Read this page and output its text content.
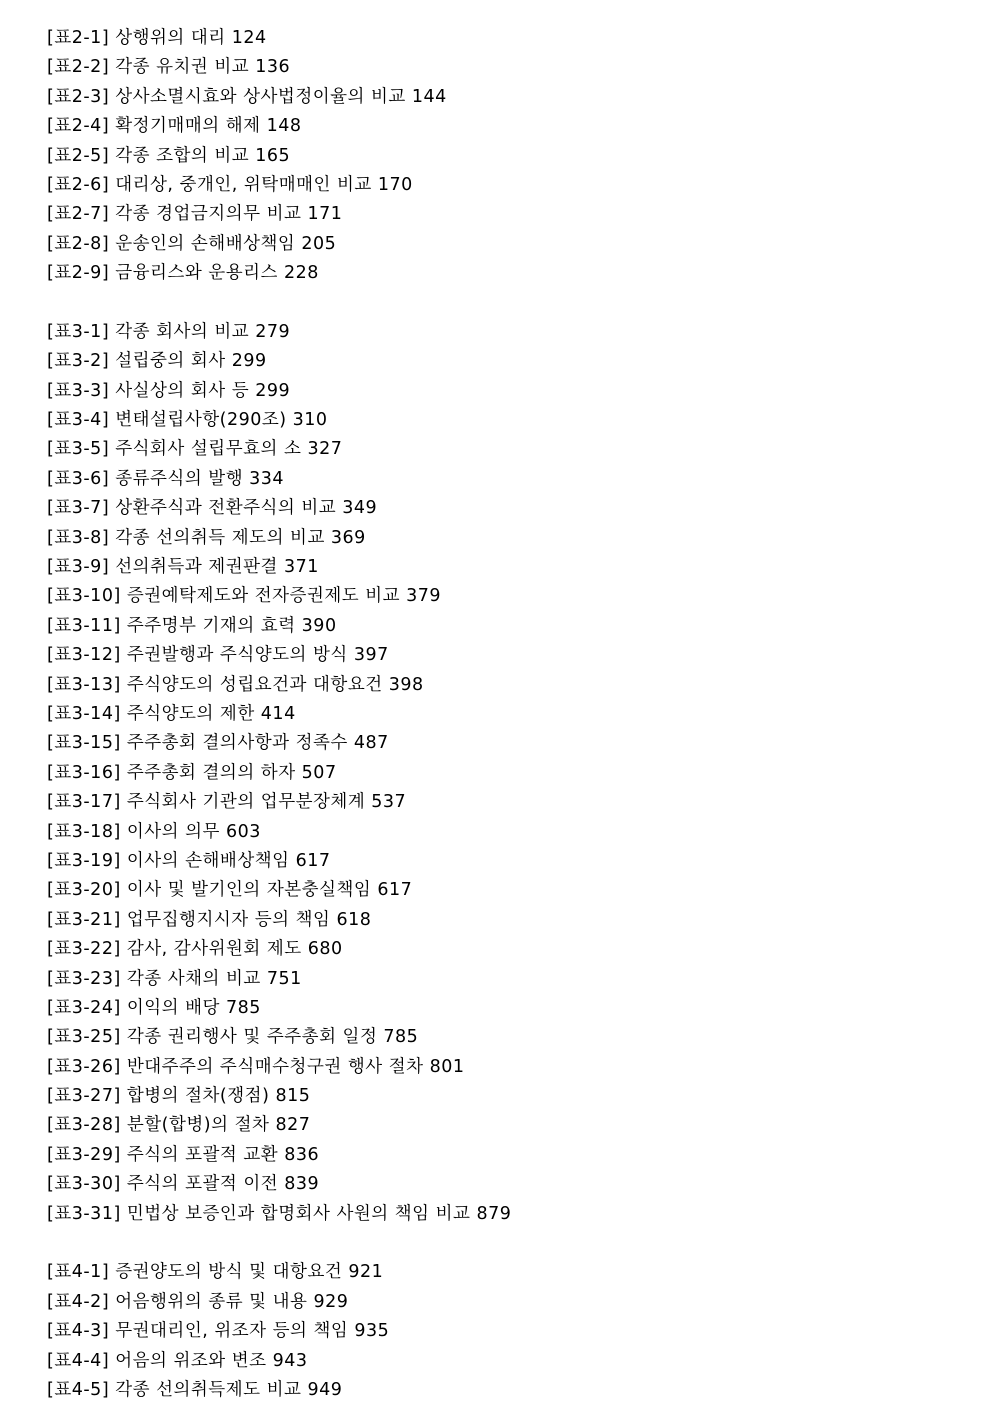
[표2-1] 상행위의 대리 124
[표2-2] 각종 유치권 비교 136
[표2-3] 상사소멸시효와 상사법정이율의 비교 144
[표2-4] 확정기매매의 해제 148
[표2-5] 각종 조합의 비교 165
[표2-6] 대리상, 중개인, 위탁매매인 비교 170
[표2-7] 각종 경업금지의무 비교 171
[표2-8] 운송인의 손해배상책임 205
[표2-9] 금융리스와 운용리스 228
[표3-1] 각종 회사의 비교 279
[표3-2] 설립중의 회사 299
[표3-3] 사실상의 회사 등 299
[표3-4] 변태설립사항(290조) 310
[표3-5] 주식회사 설립무효의 소 327
[표3-6] 종류주식의 발행 334
[표3-7] 상환주식과 전환주식의 비교 349
[표3-8] 각종 선의취득 제도의 비교 369
[표3-9] 선의취득과 제권판결 371
[표3-10] 증권예탁제도와 전자증권제도 비교 379
[표3-11] 주주명부 기재의 효력 390
[표3-12] 주권발행과 주식양도의 방식 397
[표3-13] 주식양도의 성립요건과 대항요건 398
[표3-14] 주식양도의 제한 414
[표3-15] 주주총회 결의사항과 정족수 487
[표3-16] 주주총회 결의의 하자 507
[표3-17] 주식회사 기관의 업무분장체계 537
[표3-18] 이사의 의무 603
[표3-19] 이사의 손해배상책임 617
[표3-20] 이사 및 발기인의 자본충실책임 617
[표3-21] 업무집행지시자 등의 책임 618
[표3-22] 감사, 감사위원회 제도 680
[표3-23] 각종 사채의 비교 751
[표3-24] 이익의 배당 785
[표3-25] 각종 권리행사 및 주주총회 일정 785
[표3-26] 반대주주의 주식매수청구권 행사 절차 801
[표3-27] 합병의 절차(쟁점) 815
[표3-28] 분할(합병)의 절차 827
[표3-29] 주식의 포괄적 교환 836
[표3-30] 주식의 포괄적 이전 839
[표3-31] 민법상 보증인과 합명회사 사원의 책임 비교 879
[표4-1] 증권양도의 방식 및 대항요건 921
[표4-2] 어음행위의 종류 및 내용 929
[표4-3] 무권대리인, 위조자 등의 책임 935
[표4-4] 어음의 위조와 변조 943
[표4-5] 각종 선의취득제도 비교 949
